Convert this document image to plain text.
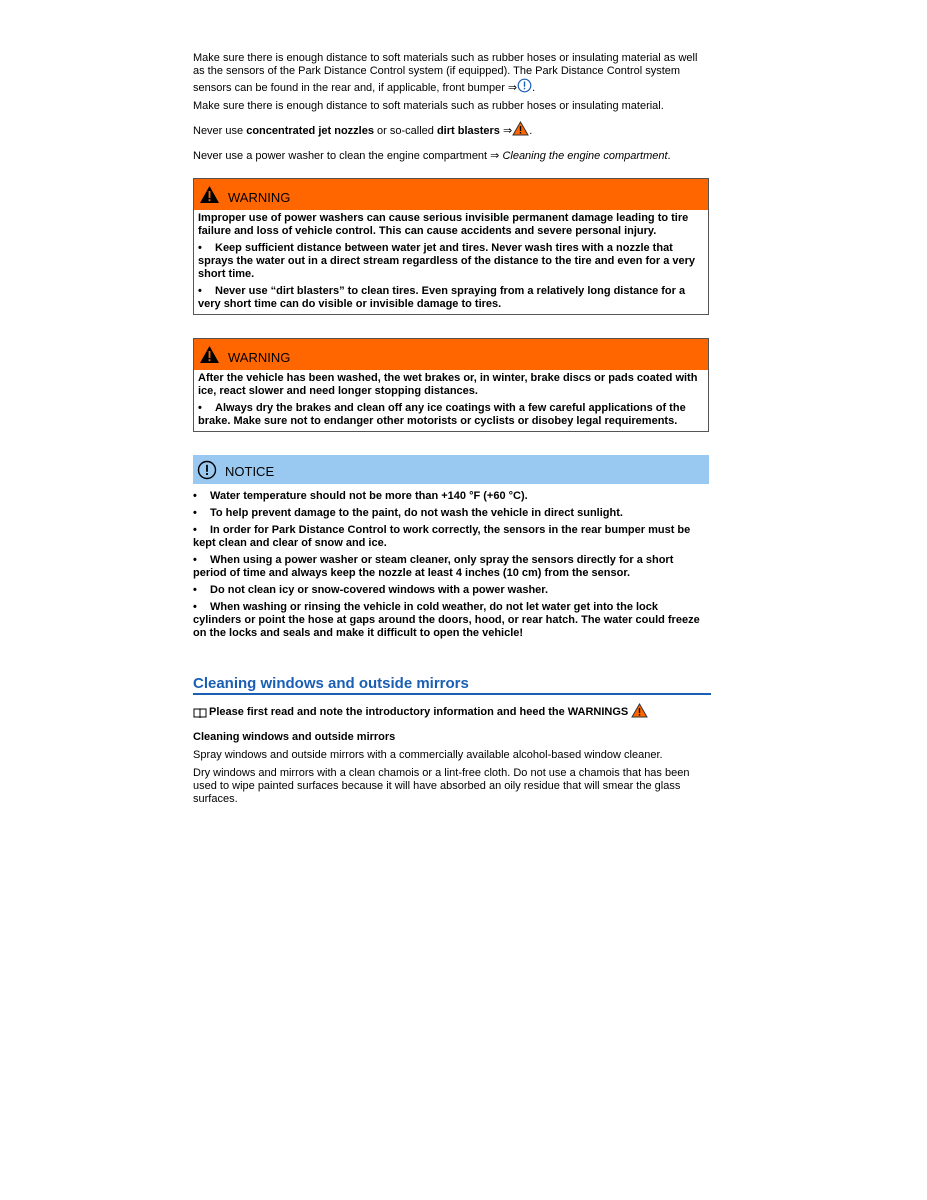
Make sure there is enough distance to soft materials such as rubber hoses or insulating material as well as the sensors of the Park Distance Control system (if equipped). The Park Distance Control system sensors can be found in the rear and, if applicable, front bumper ⇒ .

Make sure there is enough distance to soft materials such as rubber hoses or insulating material.

Never use concentrated jet nozzles or so-called dirt blasters ⇒ .

Never use a power washer to clean the engine compartment ⇒ Cleaning the engine compartment.

WARNING
Improper use of power washers can cause serious invisible permanent damage leading to tire failure and loss of vehicle control. This can cause accidents and severe personal injury.
• Keep sufficient distance between water jet and tires. Never wash tires with a nozzle that sprays the water out in a direct stream regardless of the distance to the tire and even for a very short time.
• Never use “dirt blasters” to clean tires. Even spraying from a relatively long distance for a very short time can do visible or invisible damage to tires.
WARNING
After the vehicle has been washed, the wet brakes or, in winter, brake discs or pads coated with ice, react slower and need longer stopping distances.
• Always dry the brakes and clean off any ice coatings with a few careful applications of the brake. Make sure not to endanger other motorists or cyclists or disobey legal requirements.
NOTICE
• Water temperature should not be more than +140 °F (+60 °C).
• To help prevent damage to the paint, do not wash the vehicle in direct sunlight.
• In order for Park Distance Control to work correctly, the sensors in the rear bumper must be kept clean and clear of snow and ice.
• When using a power washer or steam cleaner, only spray the sensors directly for a short period of time and always keep the nozzle at least 4 inches (10 cm) from the sensor.
• Do not clean icy or snow-covered windows with a power washer.
• When washing or rinsing the vehicle in cold weather, do not let water get into the lock cylinders or point the hose at gaps around the doors, hood, or rear hatch. The water could freeze on the locks and seals and make it difficult to open the vehicle!
Cleaning windows and outside mirrors
Please first read and note the introductory information and heed the WARNINGS
Cleaning windows and outside mirrors

Spray windows and outside mirrors with a commercially available alcohol-based window cleaner.

Dry windows and mirrors with a clean chamois or a lint-free cloth. Do not use a chamois that has been used to wipe painted surfaces because it will have absorbed an oily residue that will smear the glass surfaces.
